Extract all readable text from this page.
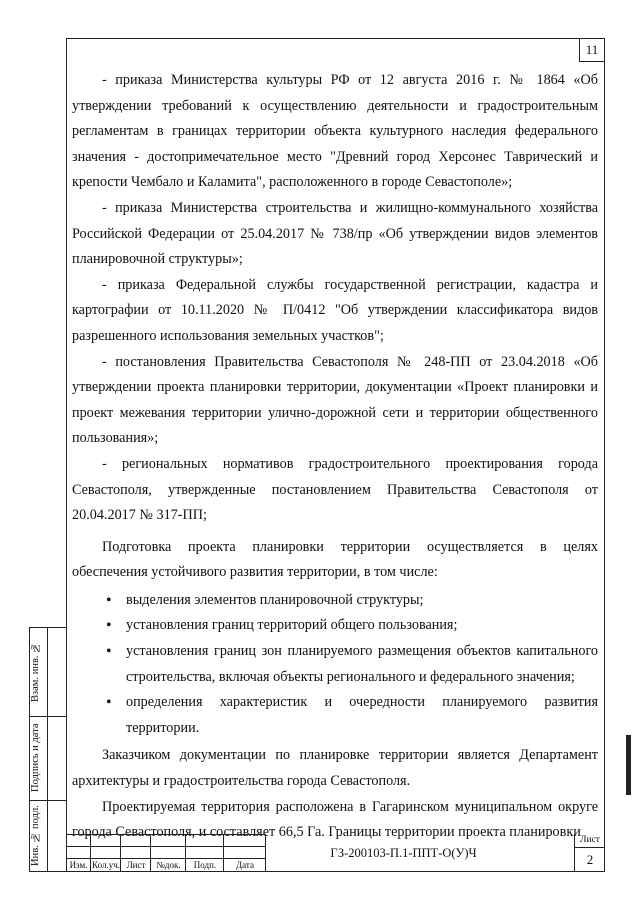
11

- приказа Министерства культуры РФ от 12 августа 2016 г. № 1864 «Об утверждении требований к осуществлению деятельности и градостроительным регламентам в границах территории объекта культурного наследия федерального значения - достопримечательное место "Древний город Херсонес Таврический и крепости Чембало и Каламита", расположенного в городе Севастополе»;

- приказа Министерства строительства и жилищно-коммунального хозяйства Российской Федерации от 25.04.2017 № 738/пр «Об утверждении видов элементов планировочной структуры»;

- приказа Федеральной службы государственной регистрации, кадастра и картографии от 10.11.2020 № П/0412 "Об утверждении классификатора видов разрешенного использования земельных участков";

- постановления Правительства Севастополя № 248-ПП от 23.04.2018 «Об утверждении проекта планировки территории, документации «Проект планировки и проект межевания территории улично-дорожной сети и территории общественного пользования»;

- региональных нормативов градостроительного проектирования города Севастополя, утвержденные постановлением Правительства Севастополя от 20.04.2017 № 317-ПП;

Подготовка проекта планировки территории осуществляется в целях обеспечения устойчивого развития территории, в том числе:

• выделения элементов планировочной структуры;
• установления границ территорий общего пользования;
• установления границ зон планируемого размещения объектов капитального строительства, включая объекты регионального и федерального значения;
• определения характеристик и очередности планируемого развития территории.

Заказчиком документации по планировке территории является Департамент архитектуры и градостроительства города Севастополя.

Проектируемая территория расположена в Гагаринском муниципальном округе города Севастополя, и составляет 66,5 Га. Границы территории проекта планировки

Взам. инв. №
Подпись и дата
Инв. № подл.	Изм. Кол.уч. Лист	№док.	Подп.	Дата
ГЗ-200103-П.1-ППТ-О(У)Ч
Лист
2
